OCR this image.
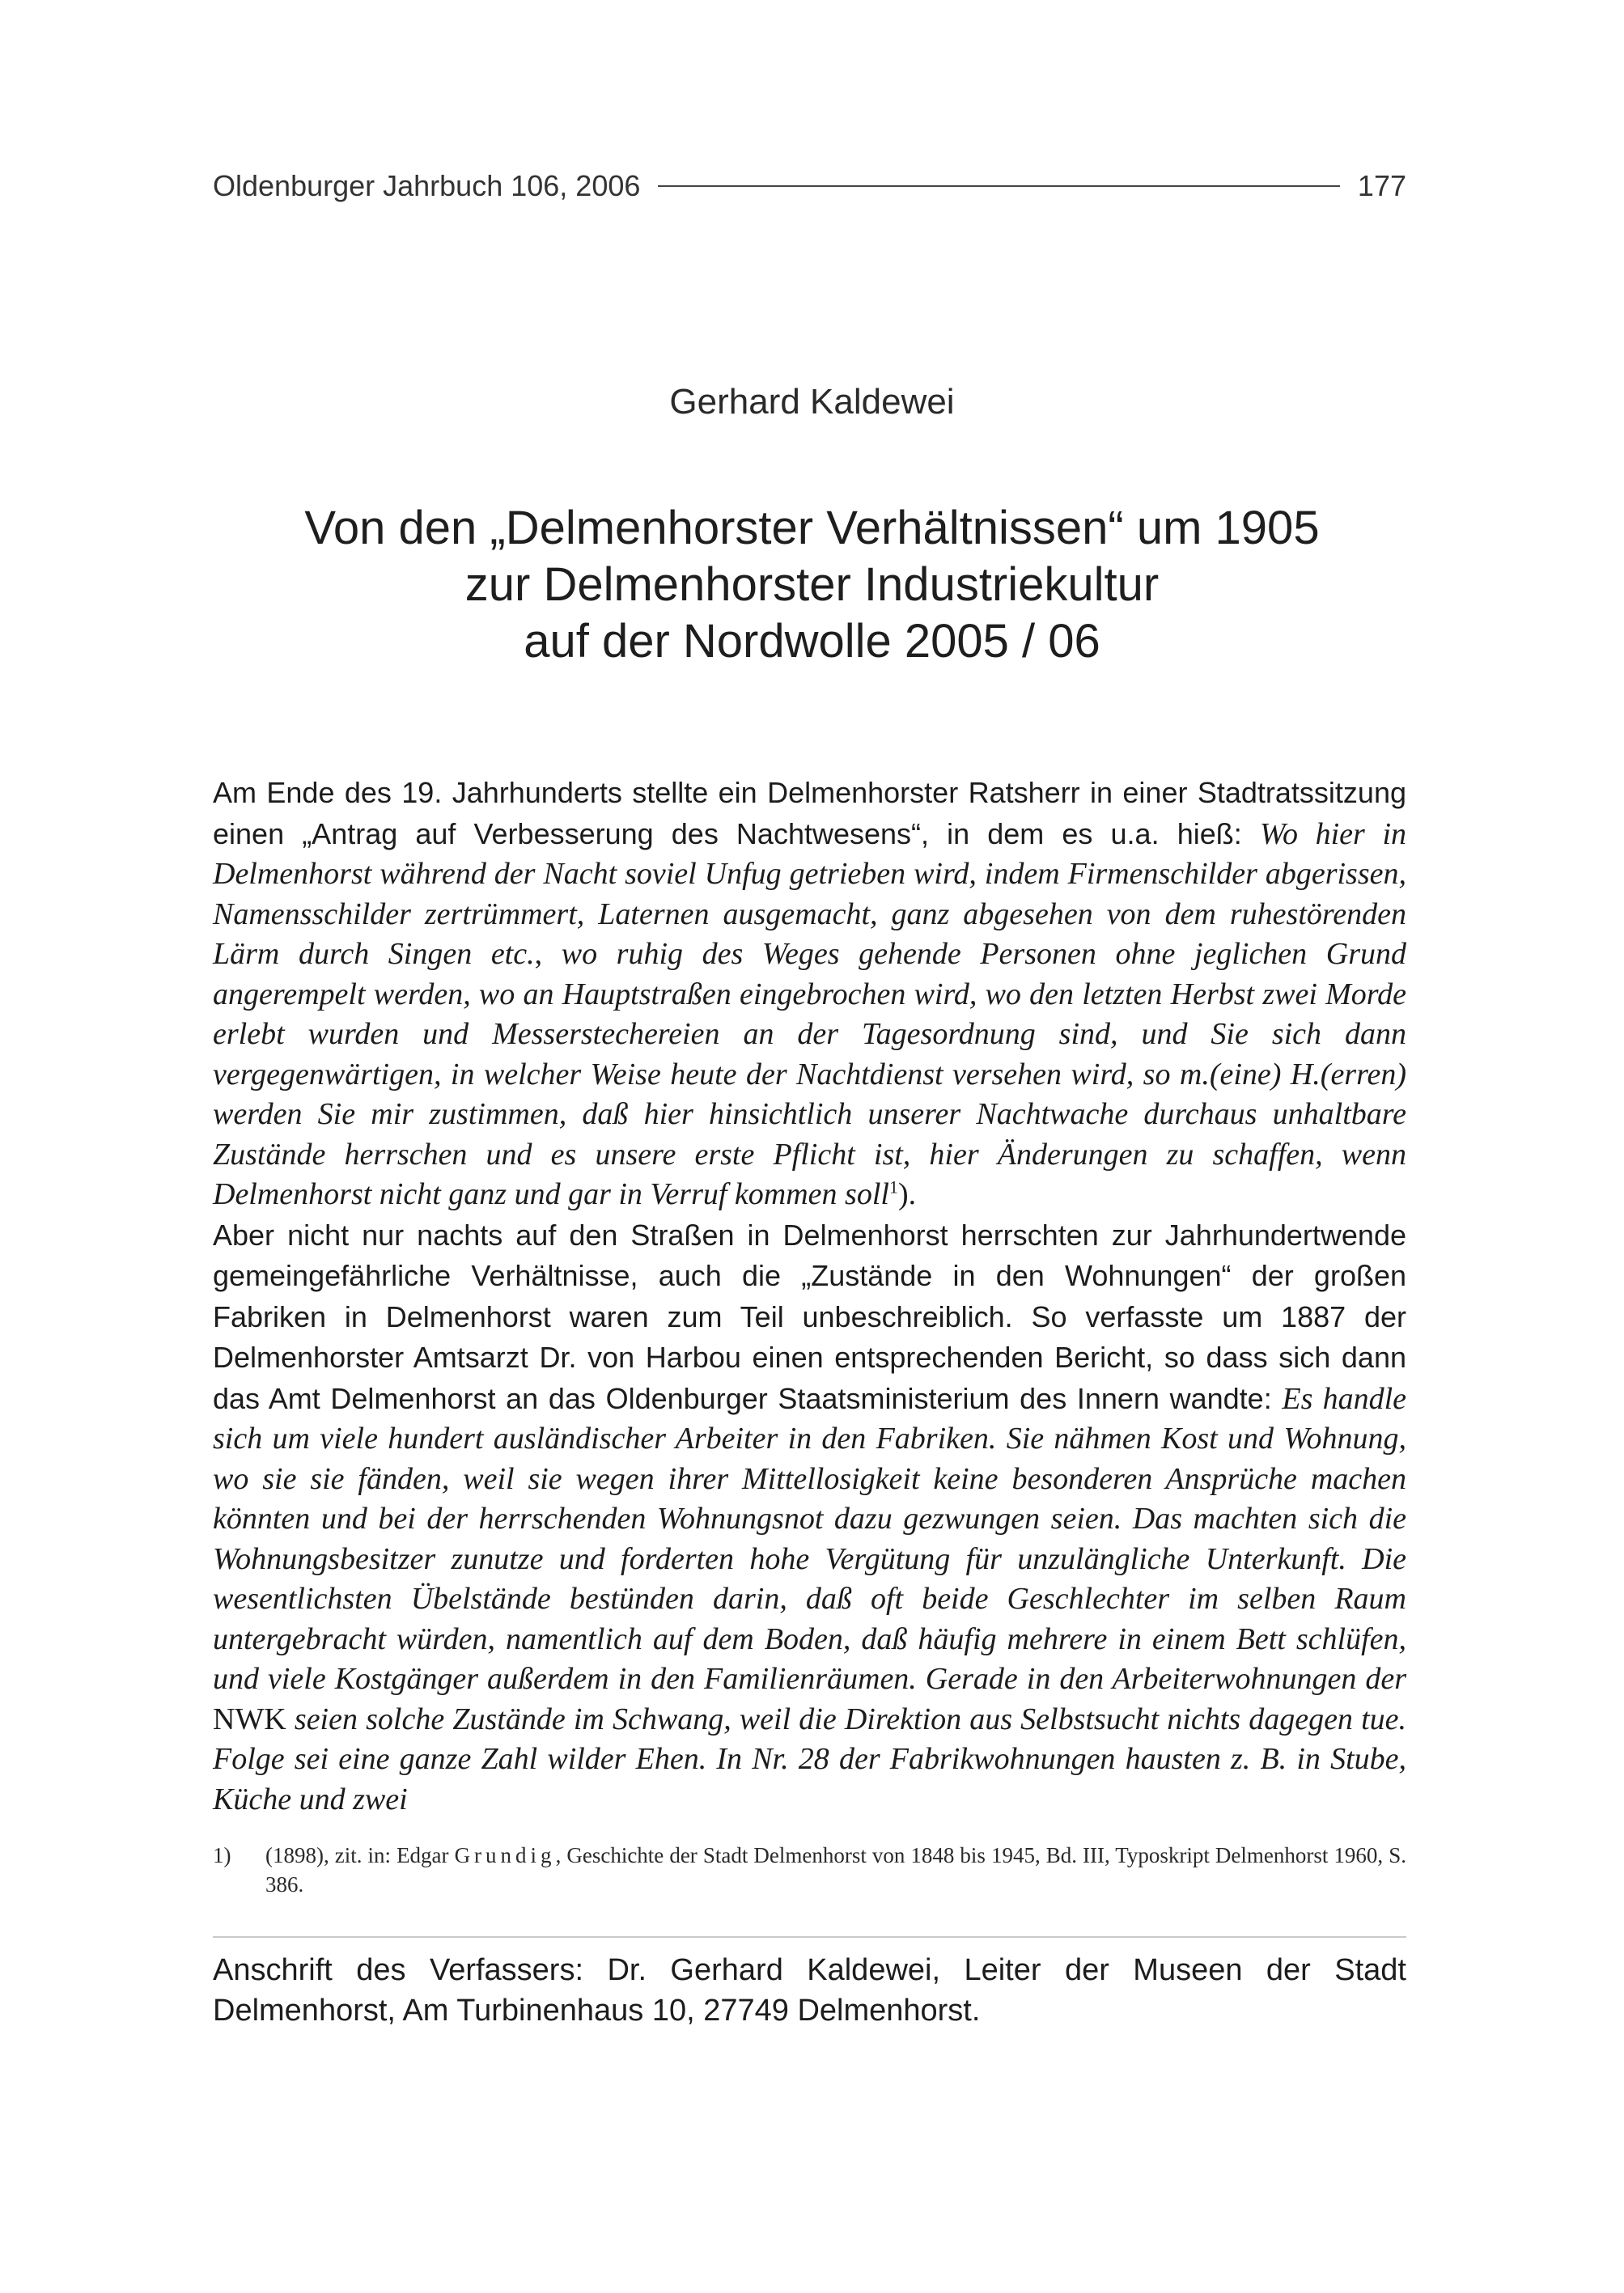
Oldenburger Jahrbuch 106, 2006	177
Gerhard Kaldewei
Von den „Delmenhorster Verhältnissen“ um 1905
zur Delmenhorster Industriekultur
auf der Nordwolle 2005 / 06

Am Ende des 19. Jahrhunderts stellte ein Delmenhorster Ratsherr in einer Stadtratssitzung einen „Antrag auf Verbesserung des Nachtwesens“, in dem es u.a. hieß: Wo hier in Delmenhorst während der Nacht soviel Unfug getrieben wird, indem Firmenschilder abgerissen, Namensschilder zertrümmert, Laternen ausgemacht, ganz abgesehen von dem ruhestörenden Lärm durch Singen etc., wo ruhig des Weges gehende Personen ohne jeglichen Grund angerempelt werden, wo an Hauptstraßen eingebrochen wird, wo den letzten Herbst zwei Morde erlebt wurden und Messerstechereien an der Tagesordnung sind, und Sie sich dann vergegenwärtigen, in welcher Weise heute der Nachtdienst versehen wird, so m.(eine) H.(erren) werden Sie mir zustimmen, daß hier hinsichtlich unserer Nachtwache durchaus unhaltbare Zustände herrschen und es unsere erste Pflicht ist, hier Änderungen zu schaffen, wenn Delmenhorst nicht ganz und gar in Verruf kommen soll$^1$).

Aber nicht nur nachts auf den Straßen in Delmenhorst herrschten zur Jahrhundertwende gemeingefährliche Verhältnisse, auch die „Zustände in den Wohnungen“ der großen Fabriken in Delmenhorst waren zum Teil unbeschreiblich. So verfasste um 1887 der Delmenhorster Amtsarzt Dr. von Harbou einen entsprechenden Bericht, so dass sich dann das Amt Delmenhorst an das Oldenburger Staatsministerium des Innern wandte: Es handle sich um viele hundert ausländischer Arbeiter in den Fabriken. Sie nähmen Kost und Wohnung, wo sie sie fänden, weil sie wegen ihrer Mittellosigkeit keine besonderen Ansprüche machen könnten und bei der herrschenden Wohnungsnot dazu gezwungen seien. Das machten sich die Wohnungsbesitzer zunutze und forderten hohe Vergütung für unzulängliche Unterkunft. Die wesentlichsten Übelstände bestünden darin, daß oft beide Geschlechter im selben Raum untergebracht würden, namentlich auf dem Boden, daß häufig mehrere in einem Bett schlüfen, und viele Kostgänger außerdem in den Familienräumen. Gerade in den Arbeiterwohnungen der NWK seien solche Zustände im Schwang, weil die Direktion aus Selbstsucht nichts dagegen tue. Folge sei eine ganze Zahl wilder Ehen. In Nr. 28 der Fabrikwohnungen hausten z. B. in Stube, Küche und zwei

1)	(1898), zit. in: Edgar Grundig, Geschichte der Stadt Delmenhorst von 1848 bis 1945, Bd. III, Typoskript Delmenhorst 1960, S. 386.
Anschrift des Verfassers: Dr. Gerhard Kaldewei, Leiter der Museen der Stadt Delmenhorst, Am Turbinenhaus 10, 27749 Delmenhorst.
